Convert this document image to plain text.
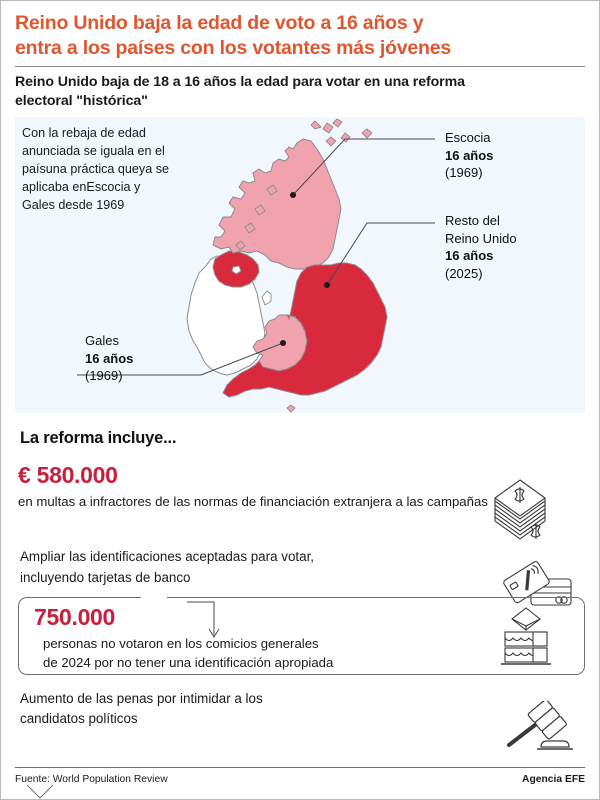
Reino Unido baja la edad de voto a 16 años y
entra a los países con los votantes más jóvenes
Reino Unido baja de 18 a 16 años la edad para votar en una reforma
electoral "histórica"
Con la rebaja de edad anunciada se iguala en el paísuna práctica queya se aplicaba enEscocia y Gales desde 1969
Escocia
16 años
(1969)
Resto del
Reino Unido
16 años
(2025)
Gales
16 años
(1969)
La reforma incluye...
€ 580.000
en multas a infractores de las normas de financiación extranjera a las campañas
Ampliar las identificaciones aceptadas para votar,
incluyendo tarjetas de banco
750.000
personas no votaron en los comicios generales
de 2024 por no tener una identificación apropiada
Aumento de las penas por intimidar a los
candidatos políticos
Fuente: World Population Review	Agencia EFE
